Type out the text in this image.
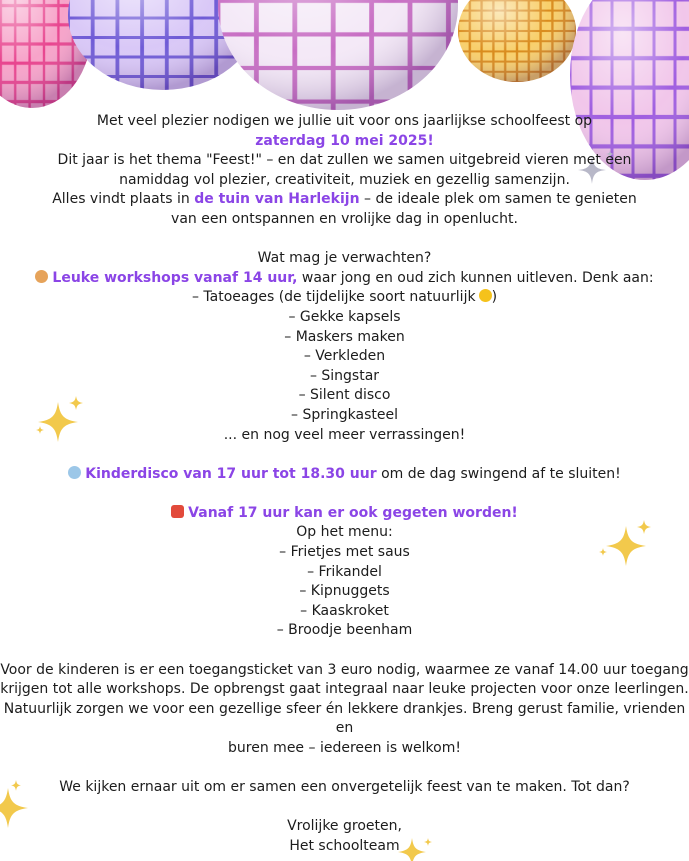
Met veel plezier nodigen we jullie uit voor ons jaarlijkse schoolfeest op

zaterdag 10 mei 2025!

Dit jaar is het thema "Feest!" – en dat zullen we samen uitgebreid vieren met een

namiddag vol plezier, creativiteit, muziek en gezellig samenzijn.

Alles vindt plaats in de tuin van Harlekijn – de ideale plek om samen te genieten

van een ontspannen en vrolijke dag in openlucht.

Wat mag je verwachten?

Leuke workshops vanaf 14 uur, waar jong en oud zich kunnen uitleven. Denk aan:

– Tatoeages (de tijdelijke soort natuurlijk )

– Gekke kapsels

– Maskers maken

– Verkleden

– Singstar

– Silent disco

– Springkasteel

... en nog veel meer verrassingen!

Kinderdisco van 17 uur tot 18.30 uur om de dag swingend af te sluiten!

Vanaf 17 uur kan er ook gegeten worden!

Op het menu:

– Frietjes met saus

– Frikandel

– Kipnuggets

– Kaaskroket

– Broodje beenham

Voor de kinderen is er een toegangsticket van 3 euro nodig, waarmee ze vanaf 14.00 uur toegang

krijgen tot alle workshops. De opbrengst gaat integraal naar leuke projecten voor onze leerlingen.

Natuurlijk zorgen we voor een gezellige sfeer én lekkere drankjes. Breng gerust familie, vrienden en

buren mee – iedereen is welkom!

We kijken ernaar uit om er samen een onvergetelijk feest van te maken. Tot dan?

Vrolijke groeten,

Het schoolteam
